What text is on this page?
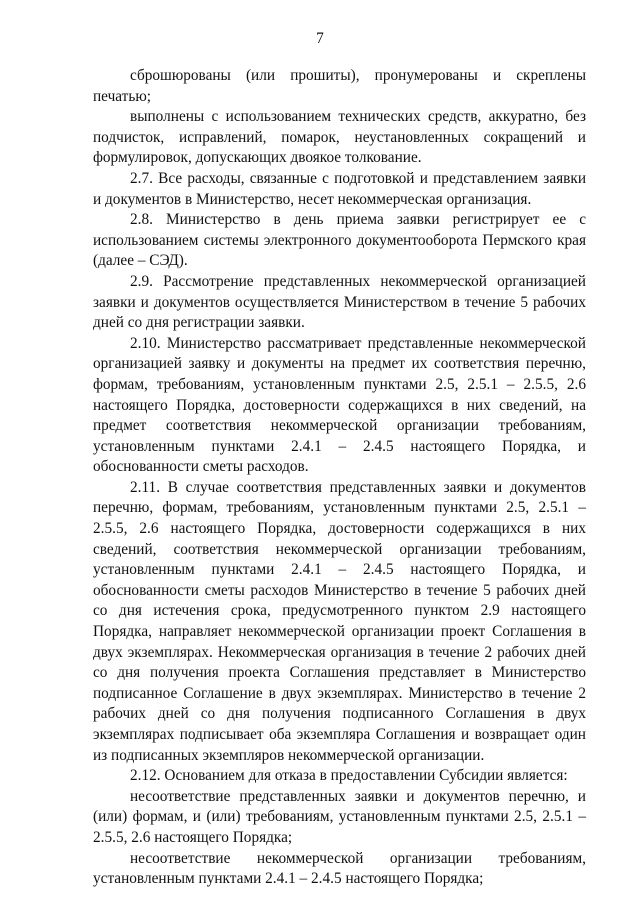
7

сброшюрованы (или прошиты), пронумерованы и скреплены печатью;

выполнены с использованием технических средств, аккуратно, без подчисток, исправлений, помарок, неустановленных сокращений и формулировок, допускающих двоякое толкование.

2.7. Все расходы, связанные с подготовкой и представлением заявки и документов в Министерство, несет некоммерческая организация.

2.8. Министерство в день приема заявки регистрирует ее с использованием системы электронного документооборота Пермского края (далее – СЭД).

2.9. Рассмотрение представленных некоммерческой организацией заявки и документов осуществляется Министерством в течение 5 рабочих дней со дня регистрации заявки.

2.10. Министерство рассматривает представленные некоммерческой организацией заявку и документы на предмет их соответствия перечню, формам, требованиям, установленным пунктами 2.5, 2.5.1 – 2.5.5, 2.6 настоящего Порядка, достоверности содержащихся в них сведений, на предмет соответствия некоммерческой организации требованиям, установленным пунктами 2.4.1 – 2.4.5 настоящего Порядка, и обоснованности сметы расходов.

2.11. В случае соответствия представленных заявки и документов перечню, формам, требованиям, установленным пунктами 2.5, 2.5.1 – 2.5.5, 2.6 настоящего Порядка, достоверности содержащихся в них сведений, соответствия некоммерческой организации требованиям, установленным пунктами 2.4.1 – 2.4.5 настоящего Порядка, и обоснованности сметы расходов Министерство в течение 5 рабочих дней со дня истечения срока, предусмотренного пунктом 2.9 настоящего Порядка, направляет некоммерческой организации проект Соглашения в двух экземплярах. Некоммерческая организация в течение 2 рабочих дней со дня получения проекта Соглашения представляет в Министерство подписанное Соглашение в двух экземплярах. Министерство в течение 2 рабочих дней со дня получения подписанного Соглашения в двух экземплярах подписывает оба экземпляра Соглашения и возвращает один из подписанных экземпляров некоммерческой организации.

2.12. Основанием для отказа в предоставлении Субсидии является:

несоответствие представленных заявки и документов перечню, и (или) формам, и (или) требованиям, установленным пунктами 2.5, 2.5.1 – 2.5.5, 2.6 настоящего Порядка;

несоответствие некоммерческой организации требованиям, установленным пунктами 2.4.1 – 2.4.5 настоящего Порядка;
